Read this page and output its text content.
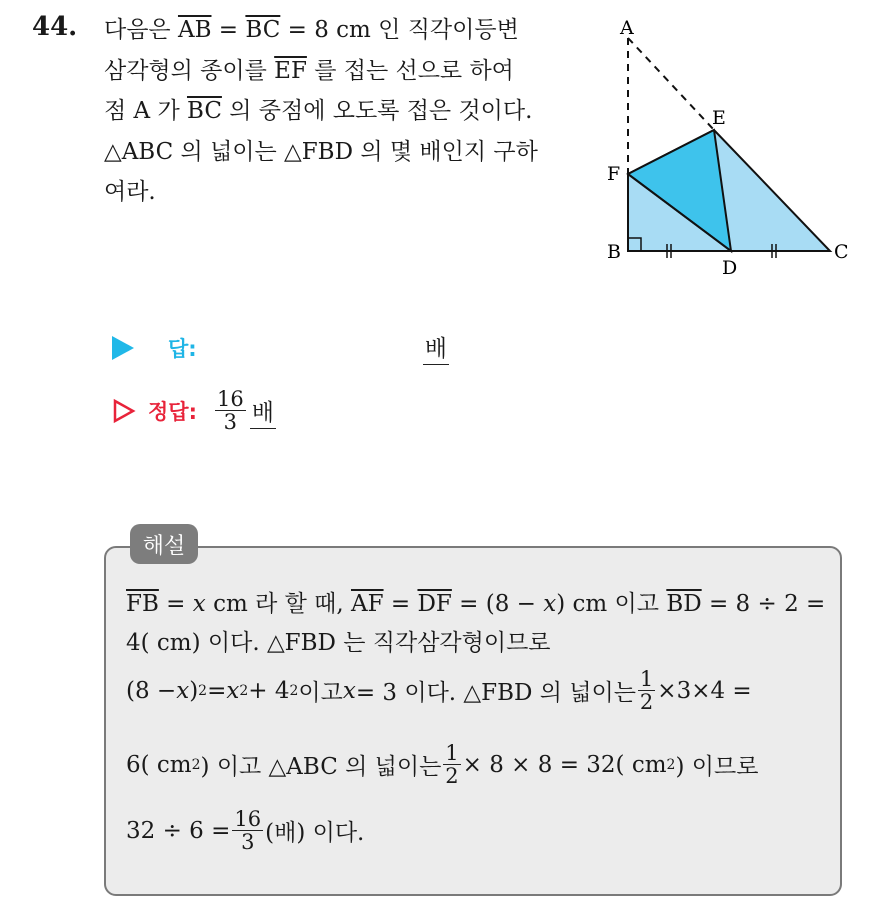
44. 다음은 $\overline{AB} = \overline{BC} = 8$ cm 인 직각이등변
삼각형의 종이를 $\overline{EF}$ 를 접는 선으로 하여
점 A 가 $\overline{BC}$ 의 중점에 오도록 접은 것이다.
△ABC 의 넓이는 △FBD 의 몇 배인지 구하
여라.
A
E
F
B
D
C
답:	배
정답: $\frac{16}{3}$ 배
해설
$\overline{FB} = x$ cm 라 할 때, $\overline{AF} = \overline{DF} = (8 - x)$ cm 이고 $\overline{BD} = 8 \div 2$ =
4( cm) 이다. △FBD 는 직각삼각형이므로
(8 − x ) 2 = x 2 + 4 2 이고 x = 3 이다. △FBD 의 넓이는 $\frac{1}{2} \times 3\times 4$ =
6( cm 2 ) 이고 △ABC 의 넓이는 $\frac{1}{2} \times 8 \times 8 = 32$( cm 2 ) 이므로
$32 \div 6 = \frac{16}{3}$ (배) 이다.
